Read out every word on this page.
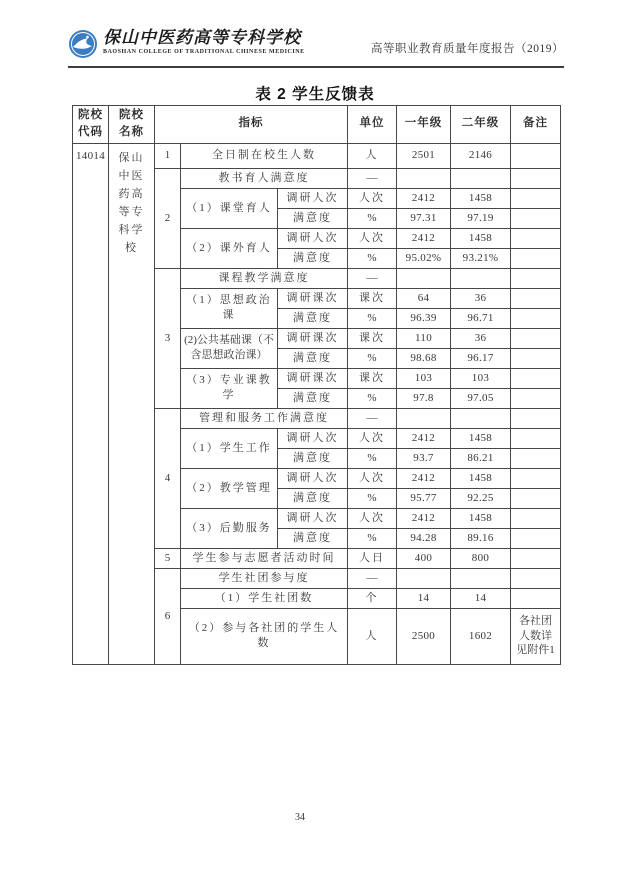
保山中医药高等专科学校
BAOSHAN COLLEGE OF TRADITIONAL CHINESE MEDICINE	高等职业教育质量年度报告（2019）
表 2 学生反馈表
院校代码	院校名称	指标			单位	一年级	二年级	备注
14014	保山中医药高等专科学校	1	全日制在校生人数		人	2501	2146	
		2	教书育人满意度		—			
			（1）课堂育人	调研人次	人次	2412	1458	
				满意度	%	97.31	97.19	
			（2）课外育人	调研人次	人次	2412	1458	
				满意度	%	95.02%	93.21%	
		3	课程教学满意度		—			
			（1）思想政治课	调研课次	课次	64	36	
				满意度	%	96.39	96.71	
			(2)公共基础课（不含思想政治课）	调研课次	课次	110	36	
				满意度	%	98.68	96.17	
			（3）专业课教学	调研课次	课次	103	103	
				满意度	%	97.8	97.05	
		4	管理和服务工作满意度		—			
			（1）学生工作	调研人次	人次	2412	1458	
				满意度	%	93.7	86.21	
			（2）教学管理	调研人次	人次	2412	1458	
				满意度	%	95.77	92.25	
			（3）后勤服务	调研人次	人次	2412	1458	
				满意度	%	94.28	89.16	
		5	学生参与志愿者活动时间		人日	400	800	
		6	学生社团参与度		—			
			（1）学生社团数		个	14	14	
			（2）参与各社团的学生人数		人	2500	1602	各社团人数详见附件1
34
